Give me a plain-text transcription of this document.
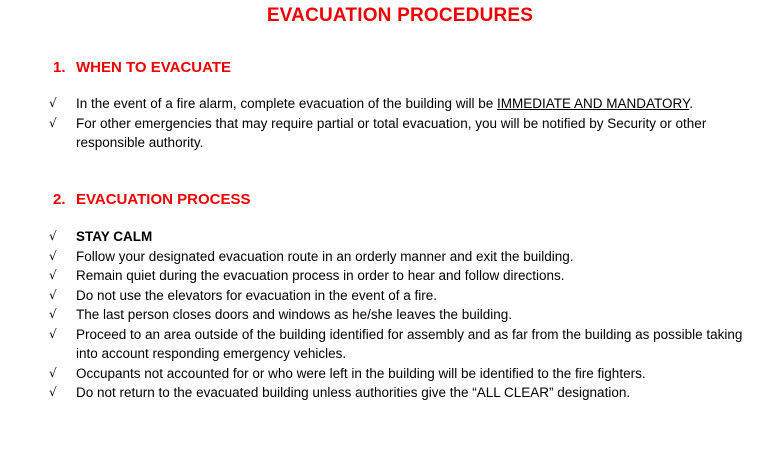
EVACUATION PROCEDURES
1. WHEN TO EVACUATE
√ In the event of a fire alarm, complete evacuation of the building will be IMMEDIATE AND MANDATORY.
√ For other emergencies that may require partial or total evacuation, you will be notified by Security or other responsible authority.
2. EVACUATION PROCESS
√ STAY CALM
√ Follow your designated evacuation route in an orderly manner and exit the building.
√ Remain quiet during the evacuation process in order to hear and follow directions.
√ Do not use the elevators for evacuation in the event of a fire.
√ The last person closes doors and windows as he/she leaves the building.
√ Proceed to an area outside of the building identified for assembly and as far from the building as possible taking into account responding emergency vehicles.
√ Occupants not accounted for or who were left in the building will be identified to the fire fighters.
√ Do not return to the evacuated building unless authorities give the “ALL CLEAR” designation.
